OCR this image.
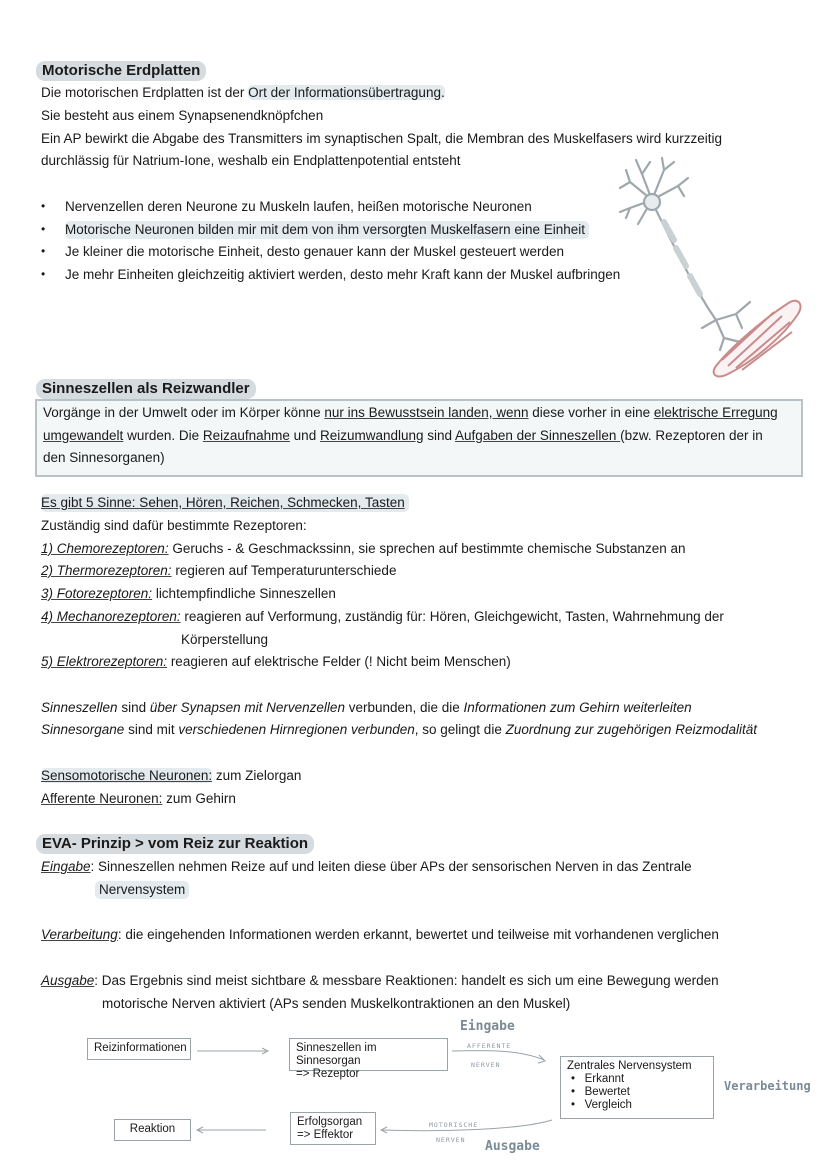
Motorische Erdplatten
Die motorischen Erdplatten ist der Ort der Informationsübertragung.
Sie besteht aus einem Synapsenendknöpfchen
Ein AP bewirkt die Abgabe des Transmitters im synaptischen Spalt, die Membran des Muskelfasers wird kurzzeitig
durchlässig für Natrium-Ione, weshalb ein Endplattenpotential entsteht
• Nervenzellen deren Neurone zu Muskeln laufen, heißen motorische Neuronen
• Motorische Neuronen bilden mir mit dem von ihm versorgten Muskelfasern eine Einheit
• Je kleiner die motorische Einheit, desto genauer kann der Muskel gesteuert werden
• Je mehr Einheiten gleichzeitig aktiviert werden, desto mehr Kraft kann der Muskel aufbringen
Sinneszellen als Reizwandler
Vorgänge in der Umwelt oder im Körper könne nur ins Bewusstsein landen, wenn diese vorher in eine elektrische Erregung
umgewandelt wurden. Die Reizaufnahme und Reizumwandlung sind Aufgaben der Sinneszellen (bzw. Rezeptoren der in
den Sinnesorganen)
Es gibt 5 Sinne: Sehen, Hören, Reichen, Schmecken, Tasten
Zuständig sind dafür bestimmte Rezeptoren:
1) Chemorezeptoren: Geruchs - & Geschmackssinn, sie sprechen auf bestimmte chemische Substanzen an
2) Thermorezeptoren: regieren auf Temperaturunterschiede
3) Fotorezeptoren: lichtempfindliche Sinneszellen
4) Mechanorezeptoren: reagieren auf Verformung, zuständig für: Hören, Gleichgewicht, Tasten, Wahrnehmung der
Körperstellung
5) Elektrorezeptoren: reagieren auf elektrische Felder (! Nicht beim Menschen)
Sinneszellen sind über Synapsen mit Nervenzellen verbunden, die die Informationen zum Gehirn weiterleiten
Sinnesorgane sind mit verschiedenen Hirnregionen verbunden, so gelingt die Zuordnung zur zugehörigen Reizmodalität
Sensomotorische Neuronen: zum Zielorgan
Afferente Neuronen: zum Gehirn
EVA- Prinzip > vom Reiz zur Reaktion
Eingabe: Sinneszellen nehmen Reize auf und leiten diese über APs der sensorischen Nerven in das Zentrale
Nervensystem
Verarbeitung: die eingehenden Informationen werden erkannt, bewertet und teilweise mit vorhandenen verglichen
Ausgabe: Das Ergebnis sind meist sichtbare & messbare Reaktionen: handelt es sich um eine Bewegung werden
motorische Nerven aktiviert (APs senden Muskelkontraktionen an den Muskel)
Reizinformationen	Sinneszellen im Sinnesorgan
=> Rezeptor
Zentrales Nervensystem
•   Erkannt
•   Bewertet
•   Vergleich
Erfolgsorgan
=> Effektor
Reaktion
Eingabe
AFFERENTE
NERVEN
Verarbeitung
MOTORISCHE
NERVEN Ausgabe
